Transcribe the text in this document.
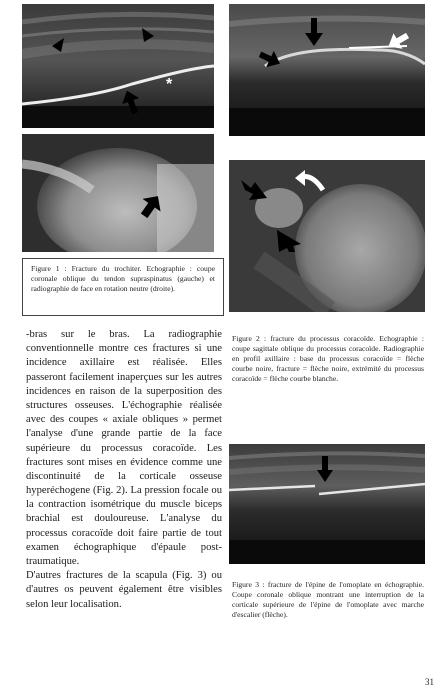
*
Figure 1 : Fracture du trochiter. Echographie : coupe coronale oblique du tendon supraspinatus (gauche) et radiographie de face en rotation neutre (droite).
Figure 2 : fracture du processus coracoïde. Echographie : coupe sagittale oblique du processus coracoïde. Radiographie en profil axillaire : base du processus coracoïde = flèche courbe noire, fracture = flèche noire, extrémité du processus coracoïde = flèche courbe blanche.
Figure 3 : fracture de l'épine de l'omoplate en échographie. Coupe coronale oblique montrant une interruption de la corticale supérieure de l'épine de l'omoplate avec marche d'escalier (flèche).

-bras sur le bras. La radiographie conventionnelle montre ces fractures si une incidence axillaire est réalisée. Elles passeront facilement inaperçues sur les autres incidences en raison de la superposition des structures osseuses. L'échographie réalisée avec des coupes « axiale obliques » permet l'analyse d'une grande partie de la face supérieure du processus coracoïde. Les fractures sont mises en évidence comme une discontinuité de la corticale osseuse hyperéchogene (Fig. 2). La pression focale ou la contraction isométrique du muscle biceps brachial est douloureuse. L'analyse du processus coracoïde doit faire partie de tout examen échographique d'épaule post-traumatique.

D'autres fractures de la scapula (Fig. 3) ou d'autres os peuvent également être visibles selon leur localisation.

31
